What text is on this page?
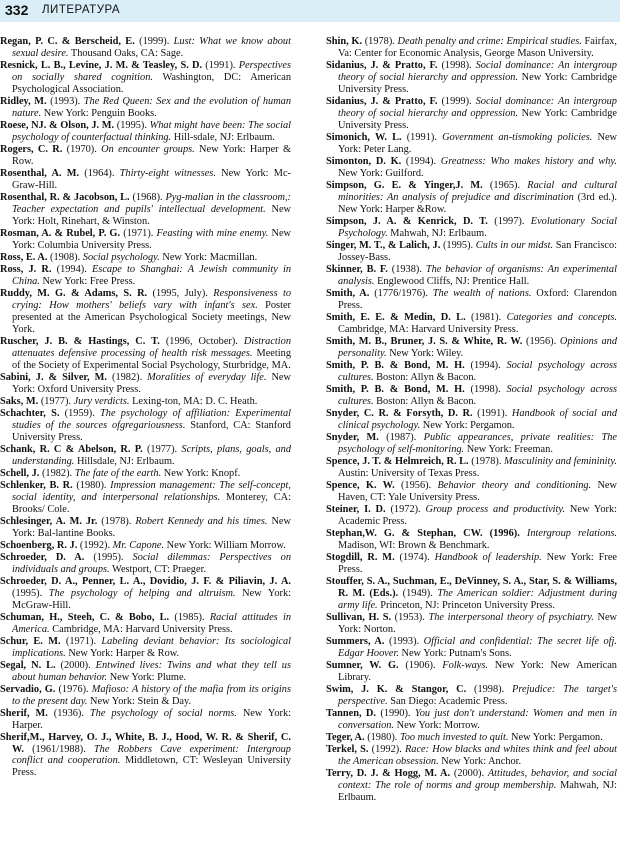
332 ЛИТЕРАТУРА

Regan, P. C. & Berscheid, E. (1999). Lust: What we know about sexual desire. Thousand Oaks, CA: Sage.

Resnick, L. B., Levine, J. M. & Teasley, S. D. (1991). Perspectives on socially shared cognition. Washington, DC: American Psychological Association.

Ridley, M. (1993). The Red Queen: Sex and the evolution of human nature. New York: Penguin Books.

Roese, NJ. & Olson, J. M. (1995). What might have been: The social psychology of counterfactual thinking. Hill-sdale, NJ: Erlbaum.

Rogers, C. R. (1970). On encounter groups. New York: Harper & Row.

Rosenthal, A. M. (1964). Thirty-eight witnesses. New York: Mc-Graw-Hill.

Rosenthal, R. & Jacobson, L. (1968). Pyg-malian in the classroom,: Teacher expectation and pupils' intellectual development. New York: Holt, Rinehart, & Winston.

Rosman, A. & Rubel, P. G. (1971). Feasting with mine enemy. New York: Columbia University Press.

Ross, E. A. (1908). Social psychology. New York: Macmillan.

Ross, J. R. (1994). Escape to Shanghai: A Jewish community in China. New York: Free Press.

Ruddy, M. G. & Adams, S. R. (1995, July). Responsiveness to crying: How mothers' beliefs vary with infant's sex. Poster presented at the American Psychological Society meetings, New York.

Ruscher, J. B. & Hastings, C. T. (1996, October). Distraction attenuates defensive processing of health risk messages. Meeting of the Society of Experimental Social Psychology, Sturbridge, MA.

Sabini, J. & Silver, M. (1982). Moralities of everyday life. New York: Oxford University Press.

Saks, M. (1977). Jury verdicts. Lexing-ton, MA: D. C. Heath.

Schachter, S. (1959). The psychology of affiliation: Experimental studies of the sources ofgregariousness. Stanford, CA: Stanford University Press.

Schank, R. C & Abelson, R. P. (1977). Scripts, plans, goals, and understanding. Hillsdale, NJ: Erlbaum.

Schell, J. (1982). The fate of the earth. New York: Knopf.

Schlenker, B. R. (1980). Impression management: The self-concept, social identity, and interpersonal relationships. Monterey, CA: Brooks/ Cole.

Schlesinger, A. M. Jr. (1978). Robert Kennedy and his times. New York: Bal-lantine Books.

Schoenberg, R. J. (1992). Mr. Capone. New York: William Morrow.

Schroeder, D. A. (1995). Social dilemmas: Perspectives on individuals and groups. Westport, CT: Praeger.

Schroeder, D. A., Penner, L. A., Dovidio, J. F. & Piliavin, J. A. (1995). The psychology of helping and altruism. New York: McGraw-Hill.

Schuman, H., Steeh, C. & Bobo, L. (1985). Racial attitudes in America. Cambridge, MA: Harvard University Press.

Schur, E. M. (1971). Labeling deviant behavior: Its sociological implications. New York: Harper & Row.

Segal, N. L. (2000). Entwined lives: Twins and what they tell us about human behavior. New York: Plume.

Servadio, G. (1976). Mafioso: A history of the mafia from its origins to the present day. New York: Stein & Day.

Sherif, M. (1936). The psychology of social norms. New York: Harper.

Sherif,M., Harvey, O. J., White, B. J., Hood, W. R. & Sherif, C. W. (1961/1988). The Robbers Cave experiment: Intergroup conflict and cooperation. Middletown, CT: Wesleyan University Press.

Shin, K. (1978). Death penalty and crime: Empirical studies. Fairfax, Va: Center for Economic Analysis, George Mason University.

Sidanius, J. & Pratto, F. (1998). Social dominance: An intergroup theory of social hierarchy and oppression. New York: Cambridge University Press.

Sidanius, J. & Pratto, F. (1999). Social dominance: An intergroup theory of social hierarchy and oppression. New York: Cambridge University Press.

Simonich, W. L. (1991). Government an-tismoking policies. New York: Peter Lang.

Simonton, D. K. (1994). Greatness: Who makes history and why. New York: Guilford.

Simpson, G. E. & Yinger,J. M. (1965). Racial and cultural minorities: An analysis of prejudice and discrimination (3rd ed.). New York: Harper &Row.

Simpson, J. A. & Kenrick, D. T. (1997). Evolutionary Social Psychology. Mahwah, NJ: Erlbaum.

Singer, M. T., & Lalich, J. (1995). Cults in our midst. San Francisco: Jossey-Bass.

Skinner, B. F. (1938). The behavior of organisms: An experimental analysis. Englewood Cliffs, NJ: Prentice Hall.

Smith, A. (1776/1976). The wealth of nations. Oxford: Clarendon Press.

Smith, E. E. & Medin, D. L. (1981). Categories and concepts. Cambridge, MA: Harvard University Press.

Smith, M. B., Bruner, J. S. & White, R. W. (1956). Opinions and personality. New York: Wiley.

Smith, P. B. & Bond, M. H. (1994). Social psychology across cultures. Boston: Allyn & Bacon.

Smith, P. B. & Bond, M. H. (1998). Social psychology across cultures. Boston: Allyn & Bacon.

Snyder, C. R. & Forsyth, D. R. (1991). Handbook of social and clinical psychology. New York: Pergamon.

Snyder, M. (1987). Public appearances, private realities: The psychology of self-monitoring. New York: Freeman.

Spence, J. T. & Helmreich, R. L. (1978). Masculinity and femininity. Austin: University of Texas Press.

Spence, K. W. (1956). Behavior theory and conditioning. New Haven, CT: Yale University Press.

Steiner, I. D. (1972). Group process and productivity. New York: Academic Press.

Stephan,W. G. & Stephan, CW. (1996). Intergroup relations. Madison, WI: Brown & Benchmark.

Stogdill, R. M. (1974). Handbook of leadership. New York: Free Press.

Stouffer, S. A., Suchman, E., DeVinney, S. A., Star, S. & Williams, R. M. (Eds.). (1949). The American soldier: Adjustment during army life. Princeton, NJ: Princeton University Press.

Sullivan, H. S. (1953). The interpersonal theory of psychiatry. New York: Norton.

Summers, A. (1993). Official and confidential: The secret life ofj. Edgar Hoover. New York: Putnam's Sons.

Sumner, W. G. (1906). Folk-ways. New York: New American Library.

Swim, J. K. & Stangor, C. (1998). Prejudice: The target's perspective. San Diego: Academic Press.

Tannen, D. (1990). You just don't understand: Women and men in conversation. New York: Morrow.

Teger, A. (1980). Too much invested to quit. New York: Pergamon.

Terkel, S. (1992). Race: How blacks and whites think and feel about the American obsession. New York: Anchor.

Terry, D. J. & Hogg, M. A. (2000). Attitudes, behavior, and social context: The role of norms and group membership. Mahwah, NJ: Erlbaum.
